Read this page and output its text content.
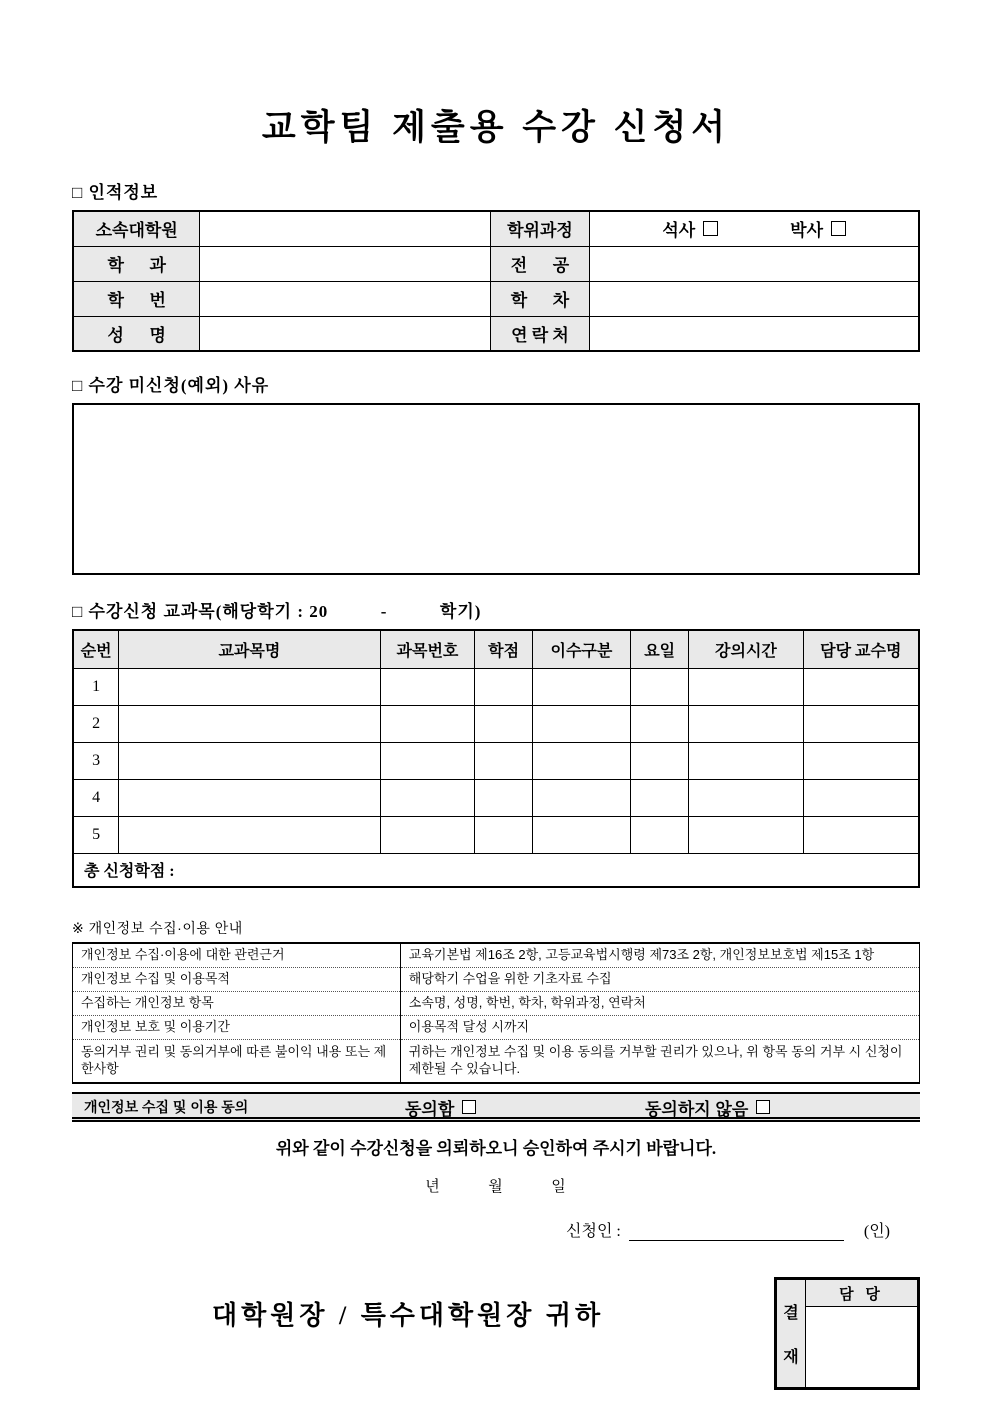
교학팀 제출용 수강 신청서
□ 인적정보
소속대학원		학위과정	석사 박사

학      과		전      공	
학      번		학      차	
성      명		연 락 처	
□ 수강 미신청(예외) 사유
□ 수강신청 교과목(해당학기 : 20          -          학기)
순번	교과목명	과목번호	학점	이수구분	요일	강의시간	담당 교수명
1							
2							
3							
4							
5							
총 신청학점 :							
※ 개인정보 수집·이용 안내
개인정보 수집·이용에 대한 관련근거	교육기본법 제16조 2항, 고등교육법시행령 제73조 2항, 개인정보보호법 제15조 1항
개인정보 수집 및 이용목적	해당학기 수업을 위한 기초자료 수집
수집하는 개인정보 항목	소속명, 성명, 학번, 학차, 학위과정, 연락처
개인정보 보호 및 이용기간	이용목적 달성 시까지
동의거부 권리 및 동의거부에 따른 불이익 내용 또는 제한사항	귀하는 개인정보 수집 및 이용 동의를 거부할 권리가 있으나, 위 항목 동의 거부 시 신청이 제한될 수 있습니다.
개인정보 수집 및 이용 동의	동의함	동의하지 않음
위와 같이 수강신청을 의뢰하오니 승인하여 주시기 바랍니다.
년          월          일
신청인 :	(인)
대학원장 / 특수대학원장 귀하	결
재
담 당
